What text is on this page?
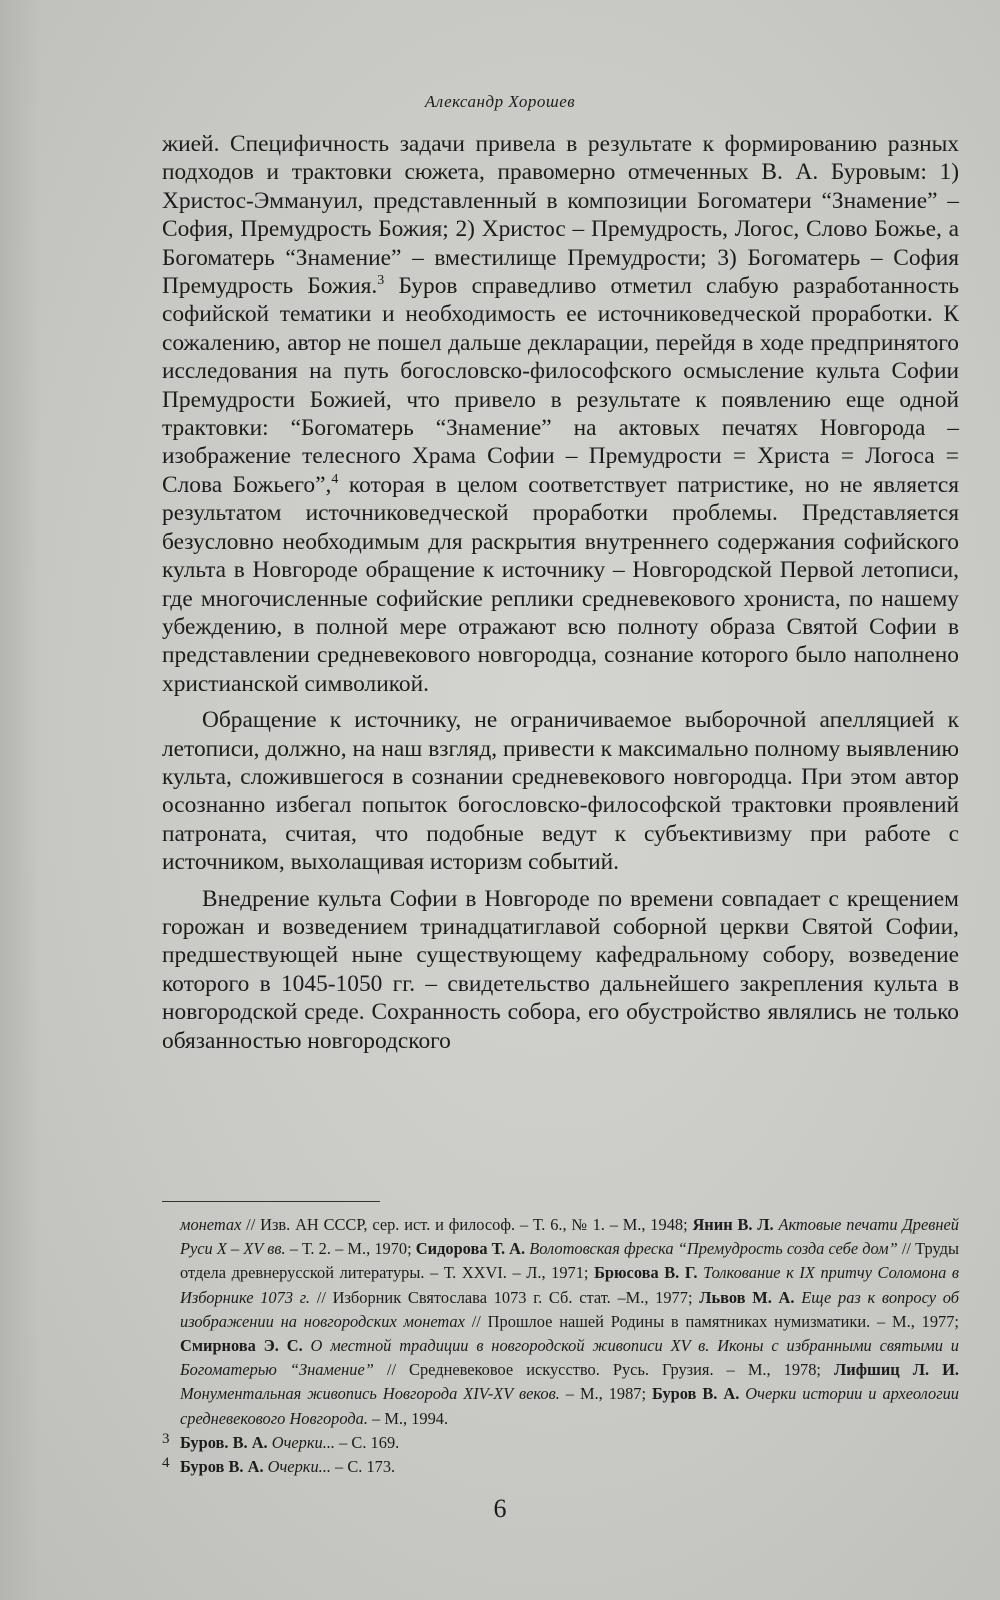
Александр Хорошев

жией. Специфичность задачи привела в результате к формированию разных подходов и трактовки сюжета, правомерно отмеченных В. А. Буровым: 1) Христос-Эммануил, представленный в композиции Богоматери “Знамение” – София, Премудрость Божия; 2) Христос – Премудрость, Логос, Слово Божье, а Богоматерь “Знамение” – вместилище Премудрости; 3) Богоматерь – София Премудрость Божия.$^3$ Буров справедливо отметил слабую разработанность софийской тематики и необходимость ее источниковедческой проработки. К сожалению, автор не пошел дальше декларации, перейдя в ходе предпринятого исследования на путь богословско-философского осмысление культа Софии Премудрости Божией, что привело в результате к появлению еще одной трактовки: “Богоматерь “Знамение” на актовых печатях Новгорода – изображение телесного Храма Софии – Премудрости = Христа = Логоса = Слова Божьего”,$^4$ которая в целом соответствует патристике, но не является результатом источниковедческой проработки проблемы. Представляется безусловно необходимым для раскрытия внутреннего содержания софийского культа в Новгороде обращение к источнику – Новгородской Первой летописи, где многочисленные софийские реплики средневекового хрониста, по нашему убеждению, в полной мере отражают всю полноту образа Святой Софии в представлении средневекового новгородца, сознание которого было наполнено христианской символикой.

Обращение к источнику, не ограничиваемое выборочной апелляцией к летописи, должно, на наш взгляд, привести к максимально полному выявлению культа, сложившегося в сознании средневекового новгородца. При этом автор осознанно избегал попыток богословско-философской трактовки проявлений патроната, считая, что подобные ведут к субъективизму при работе с источником, выхолащивая историзм событий.

Внедрение культа Софии в Новгороде по времени совпадает с крещением горожан и возведением тринадцатиглавой соборной церкви Святой Софии, предшествующей ныне существующему кафедральному собору, возведение которого в 1045-1050 гг. – свидетельство дальнейшего закрепления культа в новгородской среде. Сохранность собора, его обустройство являлись не только обязанностью новгородского

монетах // Изв. АН СССР, сер. ист. и философ. – Т. 6., № 1. – М., 1948; Янин В. Л. Актовые печати Древней Руси X – XV вв. – Т. 2. – М., 1970; Сидорова Т. А. Волотовская фреска “Премудрость созда себе дом” // Труды отдела древнерусской литературы. – Т. XXVI. – Л., 1971; Брюсова В. Г. Толкование к IX притчу Соломона в Изборнике 1073 г. // Изборник Святослава 1073 г. Сб. стат. –М., 1977; Львов М. А. Еще раз к вопросу об изображении на новгородских монетах // Прошлое нашей Родины в памятниках нумизматики. – М., 1977; Смирнова Э. С. О местной традиции в новгородской живописи XV в. Иконы с избранными святыми и Богоматерью “Знамение” // Средневековое искусство. Русь. Грузия. – М., 1978; Лифшиц Л. И. Монументальная живопись Новгорода XIV-XV веков. – М., 1987; Буров В. А. Очерки истории и археологии средневекового Новгорода. – М., 1994.

3 Буров. В. А. Очерки... – С. 169.

4 Буров В. А. Очерки... – С. 173.

6
